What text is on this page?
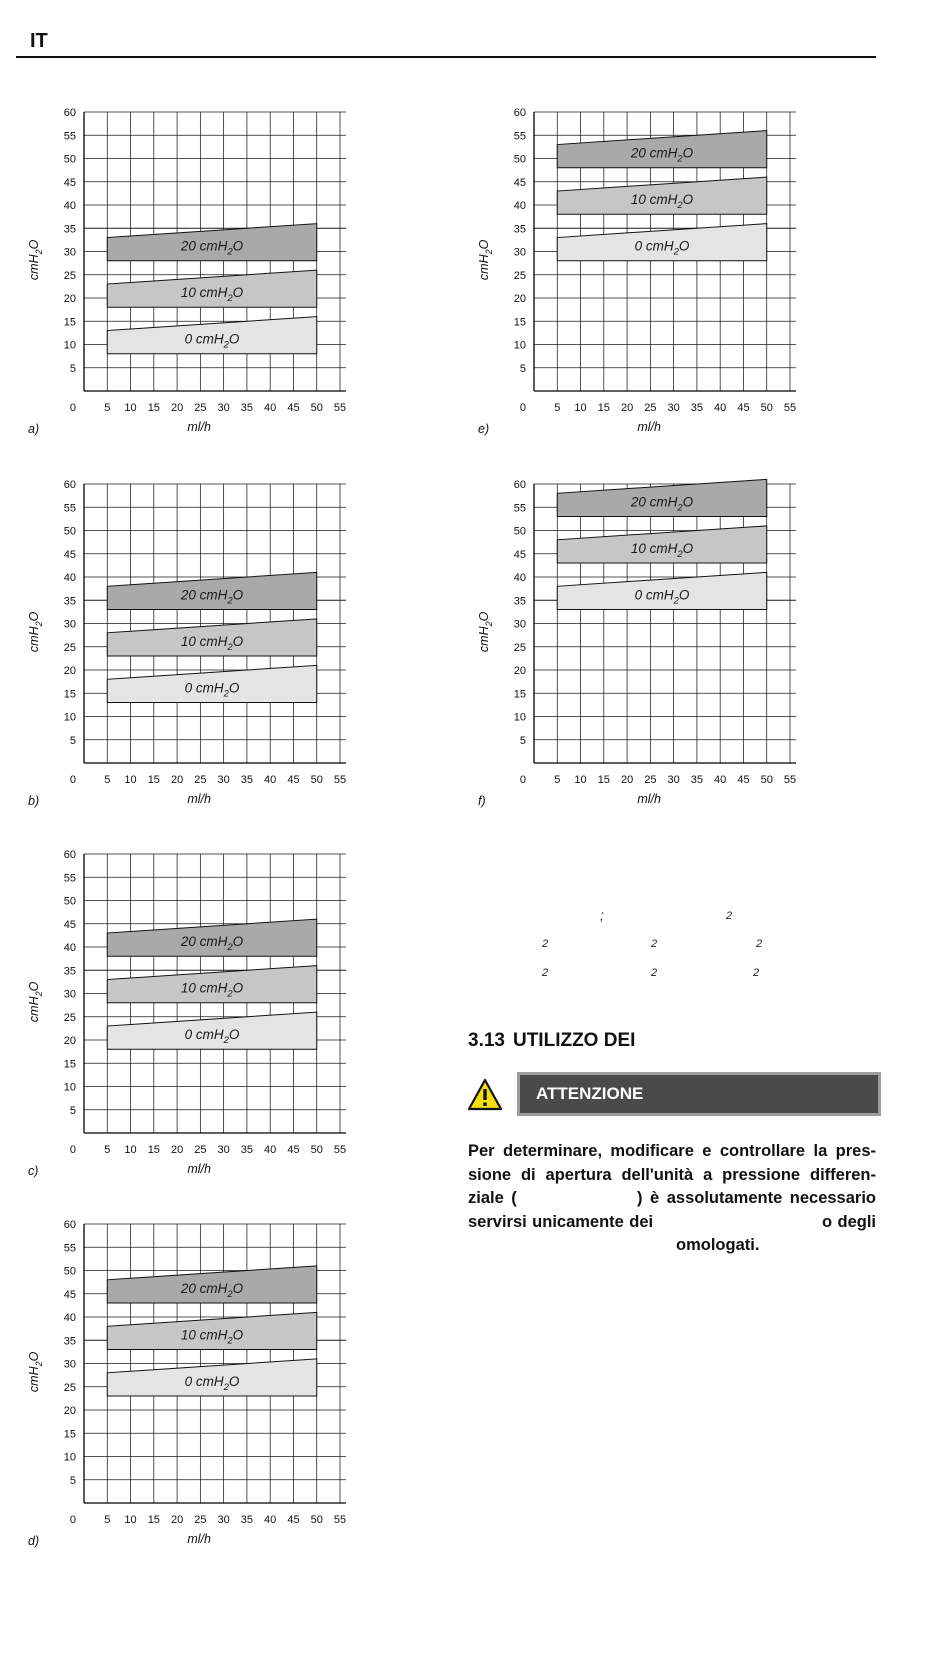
IT
20 cmH$_2$O
10 cmH$_2$O
0 cmH$_2$O
5
10
15
20
25
30
35
40
45
50
55
60
0	5 10 15 20 25 30 35 40 45 50 55
ml/h
cmH$_2$O
a)
20 cmH$_2$O
10 cmH$_2$O
0 cmH$_2$O
5
10
15
20
25
30
35
40
45
50
55
60
0	5 10 15 20 25 30 35 40 45 50 55
ml/h
cmH$_2$O
b)
20 cmH$_2$O
10 cmH$_2$O
0 cmH$_2$O
5
10
15
20
25
30
35
40
45
50
55
60
0	5 10 15 20 25 30 35 40 45 50 55
ml/h
cmH$_2$O
c)
20 cmH$_2$O
10 cmH$_2$O
0 cmH$_2$O
5
10
15
20
25
30
35
40
45
50
55
60
0	5 10 15 20 25 30 35 40 45 50 55
ml/h
cmH$_2$O
d)
20 cmH$_2$O
10 cmH$_2$O
0 cmH$_2$O
5
10
15
20
25
30
35
40
45
50
55
60
0	5 10 15 20 25 30 35 40 45 50 55
ml/h
cmH$_2$O
e)
20 cmH$_2$O
10 cmH$_2$O
0 cmH$_2$O
5
10
15
20
25
30
35
40
45
50
55
60
0	5 10 15 20 25 30 35 40 45 50 55
ml/h
cmH$_2$O
f)
;	2
2	2	2
2	2	2
3.13 UTILIZZO DEI
ATTENZIONE

Per determinare, modificare e controllare la pres-
sione di apertura dell'unità a pressione differen-
ziale (                ) è assolutamente necessario
servirsi unicamente dei                               o degli
omologati.
